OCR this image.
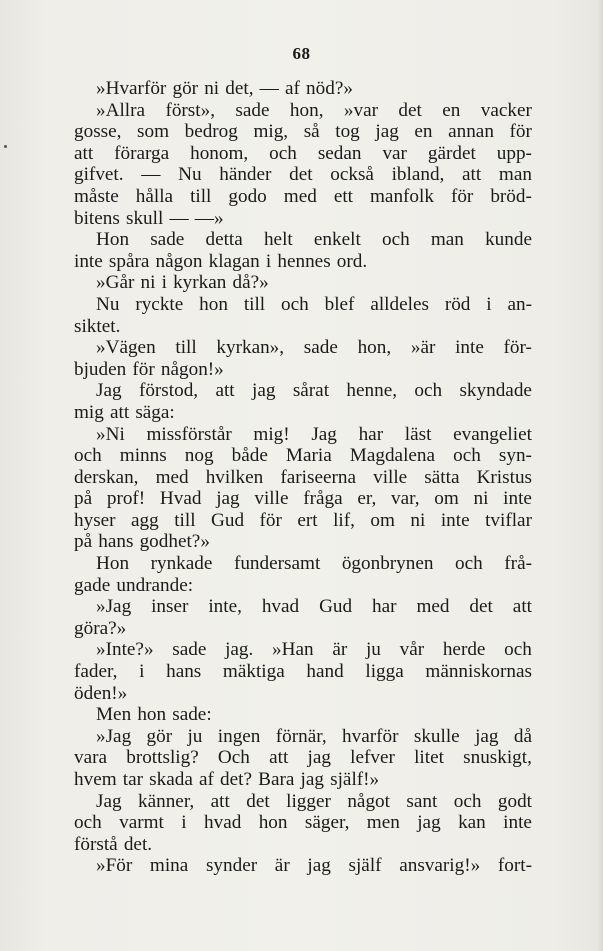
68
»Hvarför gör ni det, — af nöd?»
»Allra först», sade hon, »var det en vacker
gosse, som bedrog mig, så tog jag en annan för
att förarga honom, och sedan var gärdet upp-
gifvet. — Nu händer det också ibland, att man
måste hålla till godo med ett manfolk för bröd-
bitens skull — —»
Hon sade detta helt enkelt och man kunde
inte spåra någon klagan i hennes ord.
»Går ni i kyrkan då?»
Nu ryckte hon till och blef alldeles röd i an-
siktet.
»Vägen till kyrkan», sade hon, »är inte för-
bjuden för någon!»
Jag förstod, att jag sårat henne, och skyndade
mig att säga:
»Ni missförstår mig! Jag har läst evangeliet
och minns nog både Maria Magdalena och syn-
derskan, med hvilken fariseerna ville sätta Kristus
på prof! Hvad jag ville fråga er, var, om ni inte
hyser agg till Gud för ert lif, om ni inte tviflar
på hans godhet?»
Hon rynkade fundersamt ögonbrynen och frå-
gade undrande:
»Jag inser inte, hvad Gud har med det att
göra?»
»Inte?» sade jag. »Han är ju vår herde och
fader, i hans mäktiga hand ligga människornas
öden!»
Men hon sade:
»Jag gör ju ingen förnär, hvarför skulle jag då
vara brottslig? Och att jag lefver litet snuskigt,
hvem tar skada af det? Bara jag själf!»
Jag känner, att det ligger något sant och godt
och varmt i hvad hon säger, men jag kan inte
förstå det.
»För mina synder är jag själf ansvarig!» fort-
